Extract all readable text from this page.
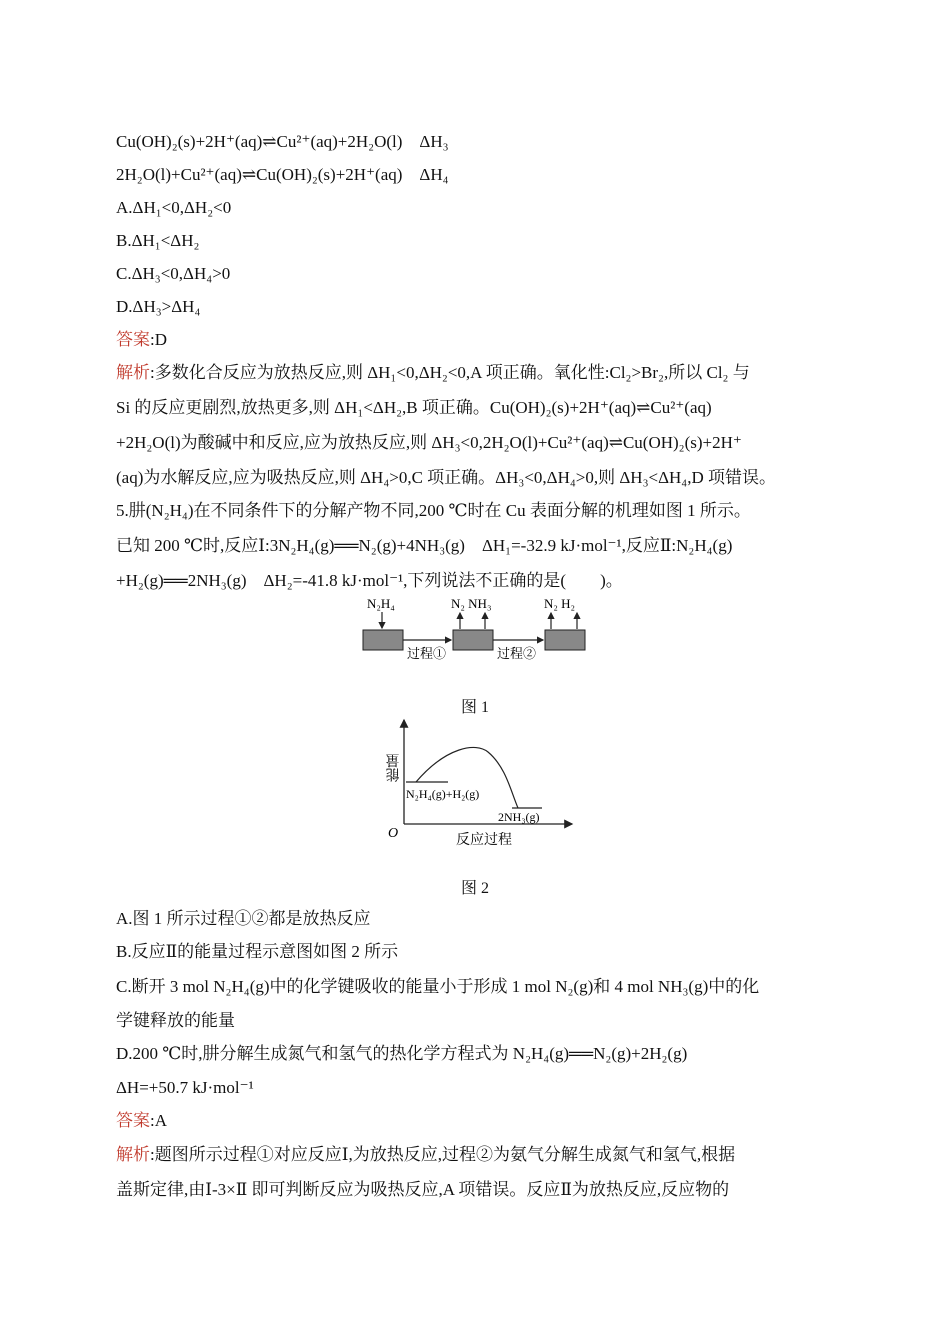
Cu(OH)₂(s)+2H⁺(aq)⇌Cu²⁺(aq)+2H₂O(l)　ΔH₃
2H₂O(l)+Cu²⁺(aq)⇌Cu(OH)₂(s)+2H⁺(aq)　ΔH₄
A.ΔH₁<0,ΔH₂<0
B.ΔH₁<ΔH₂
C.ΔH₃<0,ΔH₄>0
D.ΔH₃>ΔH₄
答案:D
解析:多数化合反应为放热反应,则 ΔH₁<0,ΔH₂<0,A 项正确。氧化性:Cl₂>Br₂,所以 Cl₂ 与
Si 的反应更剧烈,放热更多,则 ΔH₁<ΔH₂,B 项正确。Cu(OH)₂(s)+2H⁺(aq)⇌Cu²⁺(aq)
+2H₂O(l)为酸碱中和反应,应为放热反应,则 ΔH₃<0,2H₂O(l)+Cu²⁺(aq)⇌Cu(OH)₂(s)+2H⁺
(aq)为水解反应,应为吸热反应,则 ΔH₄>0,C 项正确。ΔH₃<0,ΔH₄>0,则 ΔH₃<ΔH₄,D 项错误。
5.肼(N₂H₄)在不同条件下的分解产物不同,200 ℃时在 Cu 表面分解的机理如图 1 所示。
已知 200 ℃时,反应Ⅰ:3N₂H₄(g)══N₂(g)+4NH₃(g)　ΔH₁=-32.9 kJ·mol⁻¹,反应Ⅱ:N₂H₄(g)
+H₂(g)══2NH₃(g)　ΔH₂=-41.8 kJ·mol⁻¹,下列说法不正确的是(　　)。
N₂H₄	N₂ NH₃	N₂ H₂
过程①	过程②
图 1
能量
O	反应过程
N₂H₄(g)+H₂(g)
2NH₃(g)
图 2
A.图 1 所示过程①②都是放热反应
B.反应Ⅱ的能量过程示意图如图 2 所示
C.断开 3 mol N₂H₄(g)中的化学键吸收的能量小于形成 1 mol N₂(g)和 4 mol NH₃(g)中的化
学键释放的能量
D.200 ℃时,肼分解生成氮气和氢气的热化学方程式为 N₂H₄(g)══N₂(g)+2H₂(g)
ΔH=+50.7 kJ·mol⁻¹
答案:A
解析:题图所示过程①对应反应Ⅰ,为放热反应,过程②为氨气分解生成氮气和氢气,根据
盖斯定律,由Ⅰ-3×Ⅱ 即可判断反应为吸热反应,A 项错误。反应Ⅱ为放热反应,反应物的
